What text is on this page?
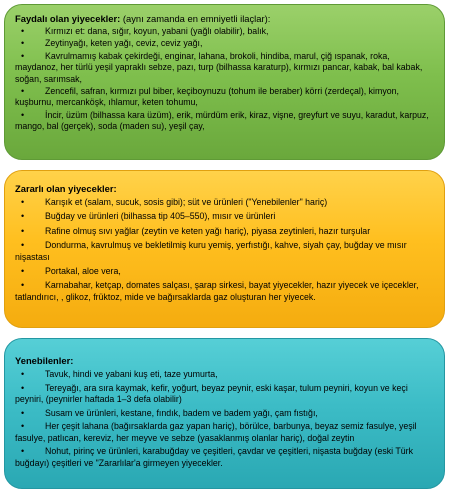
Faydalı olan yiyecekler: (aynı zamanda en emniyetli ilaçlar):
• Kırmızı et: dana, sığır, koyun, yabani (yağlı olabilir), balık,
• Zeytinyağı, keten yağı, ceviz, ceviz yağı,
• Kavrulmamış kabak çekirdeği, enginar, lahana, brokoli, hindiba, marul, çiğ ıspanak, roka, maydanoz, her türlü yeşil yapraklı sebze, pazı, turp (bilhassa karaturp), kırmızı pancar, kabak, bal kabak, soğan, sarımsak,
• Zencefil, safran, kırmızı pul biber, keçiboynuzu (tohum ile beraber) körri (zerdeçal), kimyon, kuşburnu, mercanköşk, ıhlamur, keten tohumu,
• İncir, üzüm (bilhassa kara üzüm), erik, mürdüm erik, kiraz, vişne, greyfurt ve suyu, karadut, karpuz, mango, bal (gerçek), soda (maden su), yeşil çay,
Zararlı olan yiyecekler:
• Karışık et (salam, sucuk, sosis gibi); süt ve ürünleri ("Yenebilenler" hariç)
• Buğday ve ürünleri (bilhassa tip 405–550), mısır ve ürünleri
• Rafine olmuş sıvı yağlar (zeytin ve keten yağı hariç), piyasa zeytinleri, hazır turşular
• Dondurma, kavrulmuş ve bekletilmiş kuru yemiş, yerfıstığı, kahve, siyah çay, buğday ve mısır nişastası
• Portakal, aloe vera,
• Karnabahar, ketçap, domates salçası, şarap sirkesi, bayat yiyecekler, hazır yiyecek ve içecekler, tatlandırıcı, , glikoz, früktoz, mide ve bağırsaklarda gaz oluşturan her yiyecek.
Yenebilenler:
• Tavuk, hindi ve yabani kuş eti, taze yumurta,
• Tereyağı, ara sıra kaymak, kefir, yoğurt, beyaz peynir, eski kaşar, tulum peyniri, koyun ve keçi peyniri, (peynirler haftada 1–3 defa olabilir)
• Susam ve ürünleri, kestane, fındık, badem ve badem yağı, çam fıstığı,
• Her çeşit lahana (bağırsaklarda gaz yapan hariç), börülce, barbunya, beyaz semiz fasulye, yeşil fasulye, patlıcan, kereviz, her meyve ve sebze (yasaklanmış olanlar hariç), doğal zeytin
• Nohut, pirinç ve ürünleri, karabuğday ve çeşitleri, çavdar ve çeşitleri, nişasta buğday (eski Türk buğdayı) çeşitleri ve "Zararlılar'a girmeyen yiyecekler.
